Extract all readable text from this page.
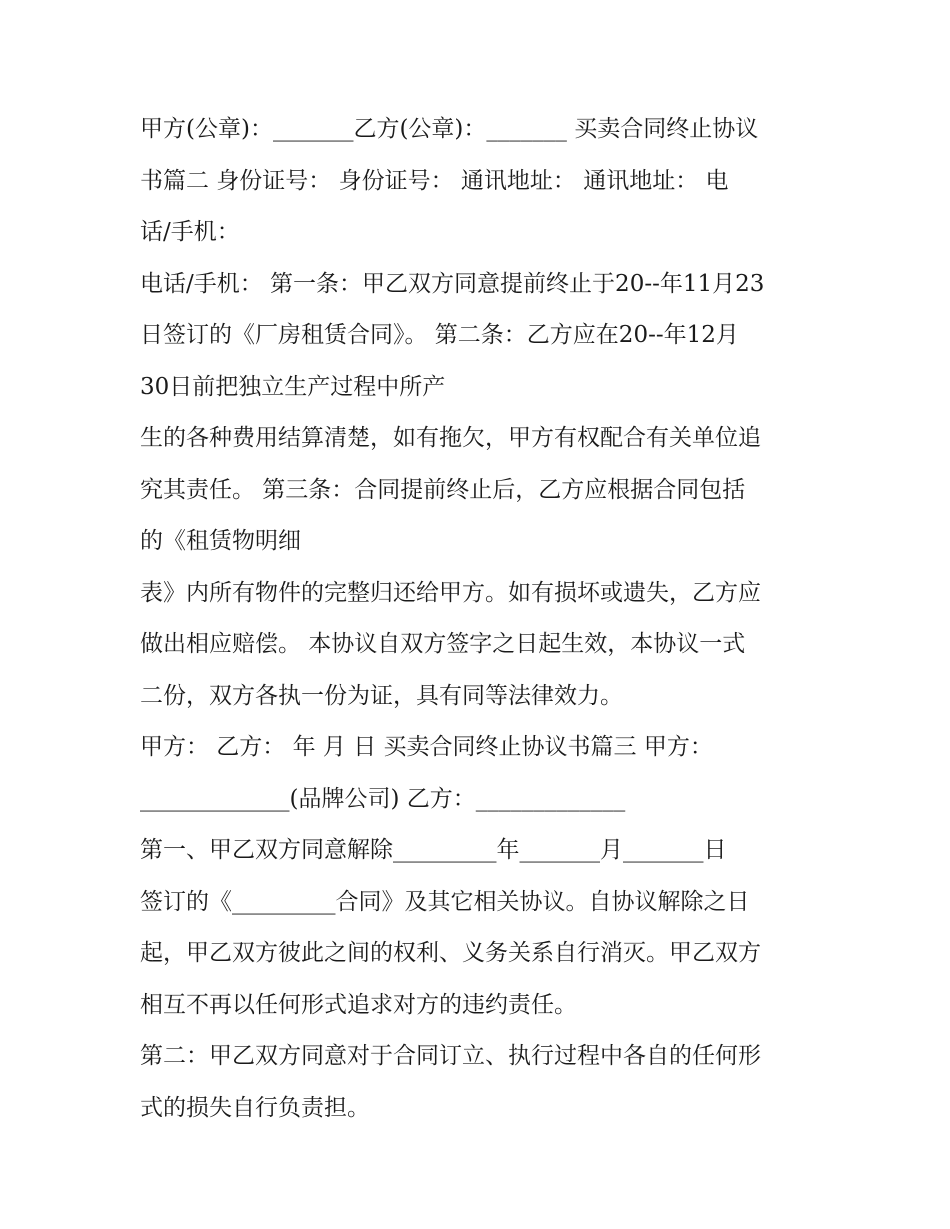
甲方(公章)：_______乙方(公章)：_______ 买卖合同终止协议
书篇二 身份证号： 身份证号： 通讯地址： 通讯地址： 电
话/手机：
电话/手机： 第一条：甲乙双方同意提前终止于20--年11月23
日签订的《厂房租赁合同》。 第二条：乙方应在20--年12月
30日前把独立生产过程中所产
生的各种费用结算清楚，如有拖欠，甲方有权配合有关单位追
究其责任。 第三条：合同提前终止后，乙方应根据合同包括
的《租赁物明细
表》内所有物件的完整归还给甲方。如有损坏或遗失，乙方应
做出相应赔偿。 本协议自双方签字之日起生效，本协议一式
二份，双方各执一份为证，具有同等法律效力。
甲方： 乙方： 年 月 日 买卖合同终止协议书篇三 甲方：
_____________(品牌公司) 乙方：_____________
第一、甲乙双方同意解除_________年_______月_______日
签订的《_________合同》及其它相关协议。自协议解除之日
起，甲乙双方彼此之间的权利、义务关系自行消灭。甲乙双方
相互不再以任何形式追求对方的违约责任。
第二：甲乙双方同意对于合同订立、执行过程中各自的任何形
式的损失自行负责担。
